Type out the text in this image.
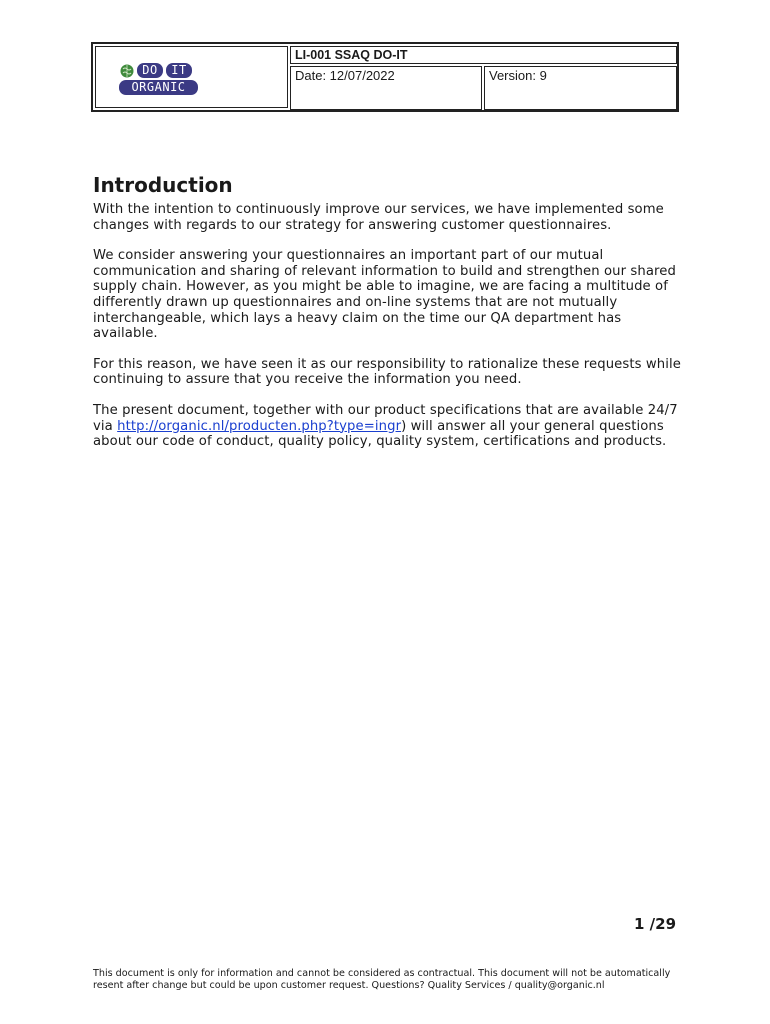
DO	IT
ORGANIC
LI-001 SSAQ DO-IT
Date: 12/07/2022	Version: 9
Introduction

With the intention to continuously improve our services, we have implemented some changes with regards to our strategy for answering customer questionnaires.

We consider answering your questionnaires an important part of our mutual communication and sharing of relevant information to build and strengthen our shared supply chain. However, as you might be able to imagine, we are facing a multitude of differently drawn up questionnaires and on-line systems that are not mutually interchangeable, which lays a heavy claim on the time our QA department has available.

For this reason, we have seen it as our responsibility to rationalize these requests while continuing to assure that you receive the information you need.

The present document, together with our product specifications that are available 24/7 via http://organic.nl/producten.php?type=ingr) will answer all your general questions about our code of conduct, quality policy, quality system, certifications and products.

1 /29
This document is only for information and cannot be considered as contractual. This document will not be automatically resent after change but could be upon customer request. Questions? Quality Services / quality@organic.nl
